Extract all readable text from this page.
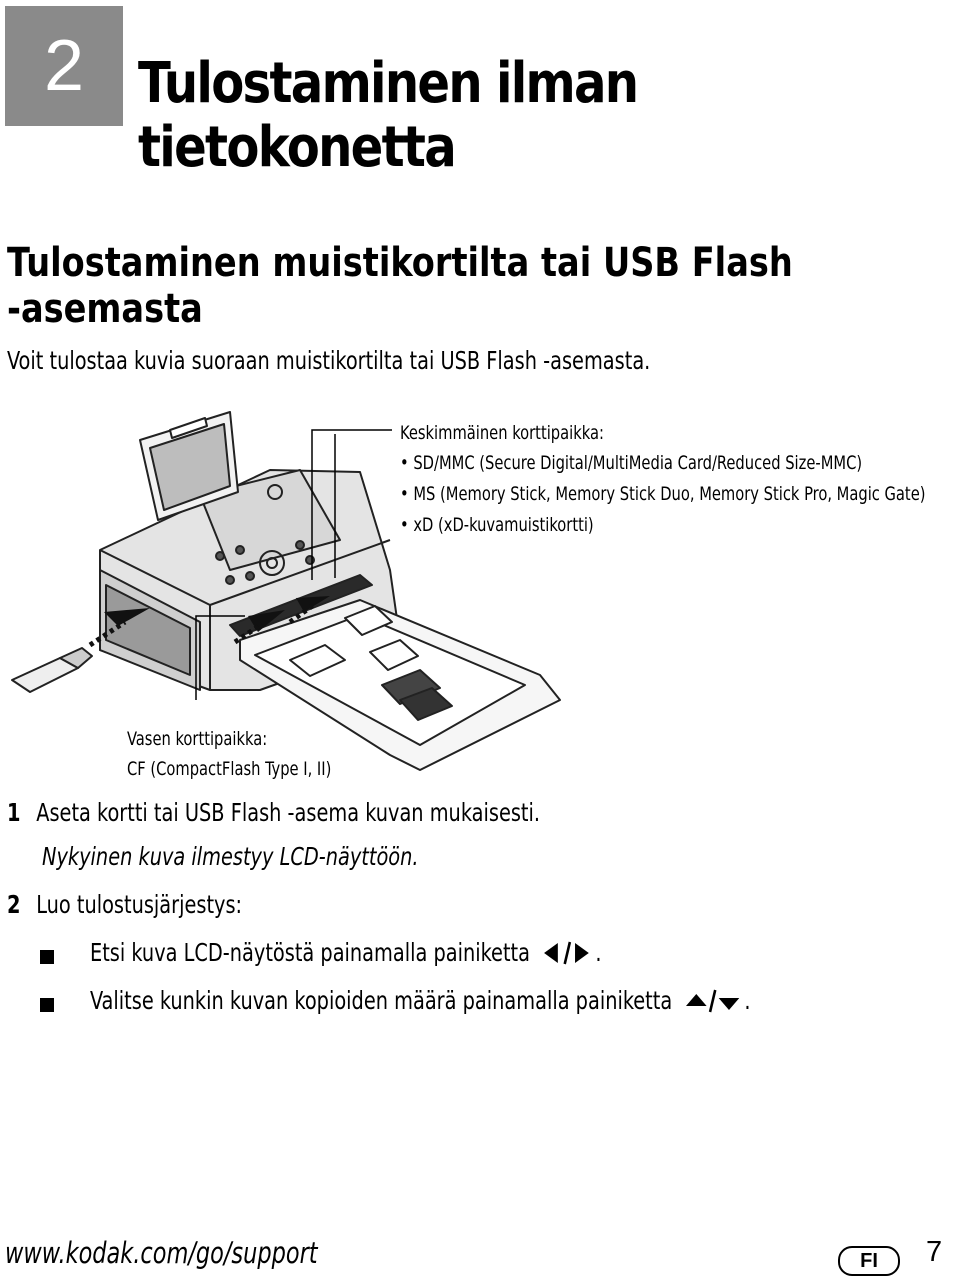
2 Tulostaminen ilman
tietokonetta
Tulostaminen muistikortilta tai USB Flash
-asemasta
Voit tulostaa kuvia suoraan muistikortilta tai USB Flash -asemasta.
Keskimmäinen korttipaikka:
• SD/MMC (Secure Digital/MultiMedia Card/Reduced Size-MMC)
• MS (Memory Stick, Memory Stick Duo, Memory Stick Pro, Magic Gate)
• xD (xD-kuvamuistikortti)
Vasen korttipaikka:
CF (CompactFlash Type I, II)
1 Aseta kortti tai USB Flash -asema kuvan mukaisesti.
Nykyinen kuva ilmestyy LCD-näyttöön.
2 Luo tulostusjärjestys:
Etsi kuva LCD-näytöstä painamalla painiketta	.
Valitse kunkin kuvan kopioiden määrä painamalla painiketta	.
www.kodak.com/go/support	FI	7
